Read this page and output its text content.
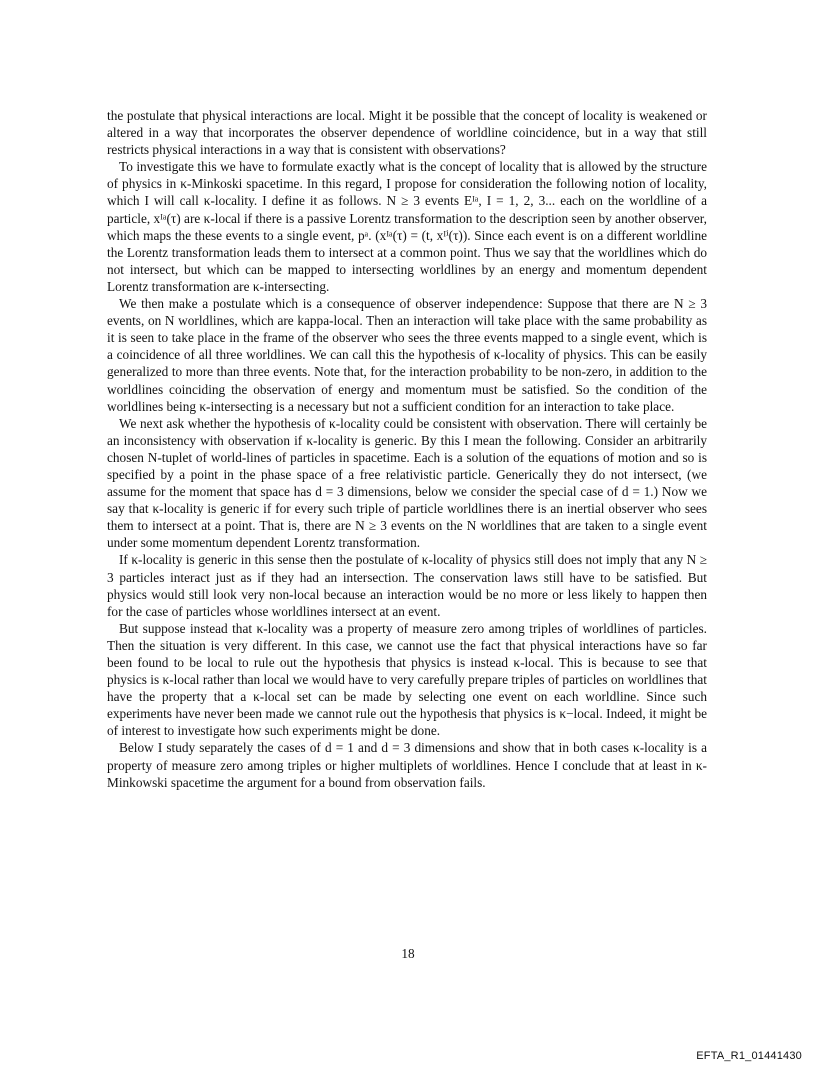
the postulate that physical interactions are local. Might it be possible that the concept of locality is weakened or altered in a way that incorporates the observer dependence of worldline coincidence, but in a way that still restricts physical interactions in a way that is consistent with observations?

To investigate this we have to formulate exactly what is the concept of locality that is allowed by the structure of physics in κ-Minkoski spacetime. In this regard, I propose for consideration the following notion of locality, which I will call κ-locality. I define it as follows. N ≥ 3 events Eᴵᵃ, I = 1, 2, 3... each on the worldline of a particle, xᴵᵃ(τ) are κ-local if there is a passive Lorentz transformation to the description seen by another observer, which maps the these events to a single event, pᵃ. (xᴵᵃ(τ) = (t, xᴵⁱ(τ)). Since each event is on a different worldline the Lorentz transformation leads them to intersect at a common point. Thus we say that the worldlines which do not intersect, but which can be mapped to intersecting worldlines by an energy and momentum dependent Lorentz transformation are κ-intersecting.

We then make a postulate which is a consequence of observer independence: Suppose that there are N ≥ 3 events, on N worldlines, which are kappa-local. Then an interaction will take place with the same probability as it is seen to take place in the frame of the observer who sees the three events mapped to a single event, which is a coincidence of all three worldlines. We can call this the hypothesis of κ-locality of physics. This can be easily generalized to more than three events. Note that, for the interaction probability to be non-zero, in addition to the worldlines coinciding the observation of energy and momentum must be satisfied. So the condition of the worldlines being κ-intersecting is a necessary but not a sufficient condition for an interaction to take place.

We next ask whether the hypothesis of κ-locality could be consistent with observation. There will certainly be an inconsistency with observation if κ-locality is generic. By this I mean the following. Consider an arbitrarily chosen N-tuplet of world-lines of particles in spacetime. Each is a solution of the equations of motion and so is specified by a point in the phase space of a free relativistic particle. Generically they do not intersect, (we assume for the moment that space has d = 3 dimensions, below we consider the special case of d = 1.) Now we say that κ-locality is generic if for every such triple of particle worldlines there is an inertial observer who sees them to intersect at a point. That is, there are N ≥ 3 events on the N worldlines that are taken to a single event under some momentum dependent Lorentz transformation.

If κ-locality is generic in this sense then the postulate of κ-locality of physics still does not imply that any N ≥ 3 particles interact just as if they had an intersection. The conservation laws still have to be satisfied. But physics would still look very non-local because an interaction would be no more or less likely to happen then for the case of particles whose worldlines intersect at an event.

But suppose instead that κ-locality was a property of measure zero among triples of worldlines of particles. Then the situation is very different. In this case, we cannot use the fact that physical interactions have so far been found to be local to rule out the hypothesis that physics is instead κ-local. This is because to see that physics is κ-local rather than local we would have to very carefully prepare triples of particles on worldlines that have the property that a κ-local set can be made by selecting one event on each worldline. Since such experiments have never been made we cannot rule out the hypothesis that physics is κ−local. Indeed, it might be of interest to investigate how such experiments might be done.

Below I study separately the cases of d = 1 and d = 3 dimensions and show that in both cases κ-locality is a property of measure zero among triples or higher multiplets of worldlines. Hence I conclude that at least in κ-Minkowski spacetime the argument for a bound from observation fails.

18
EFTA_R1_01441430
